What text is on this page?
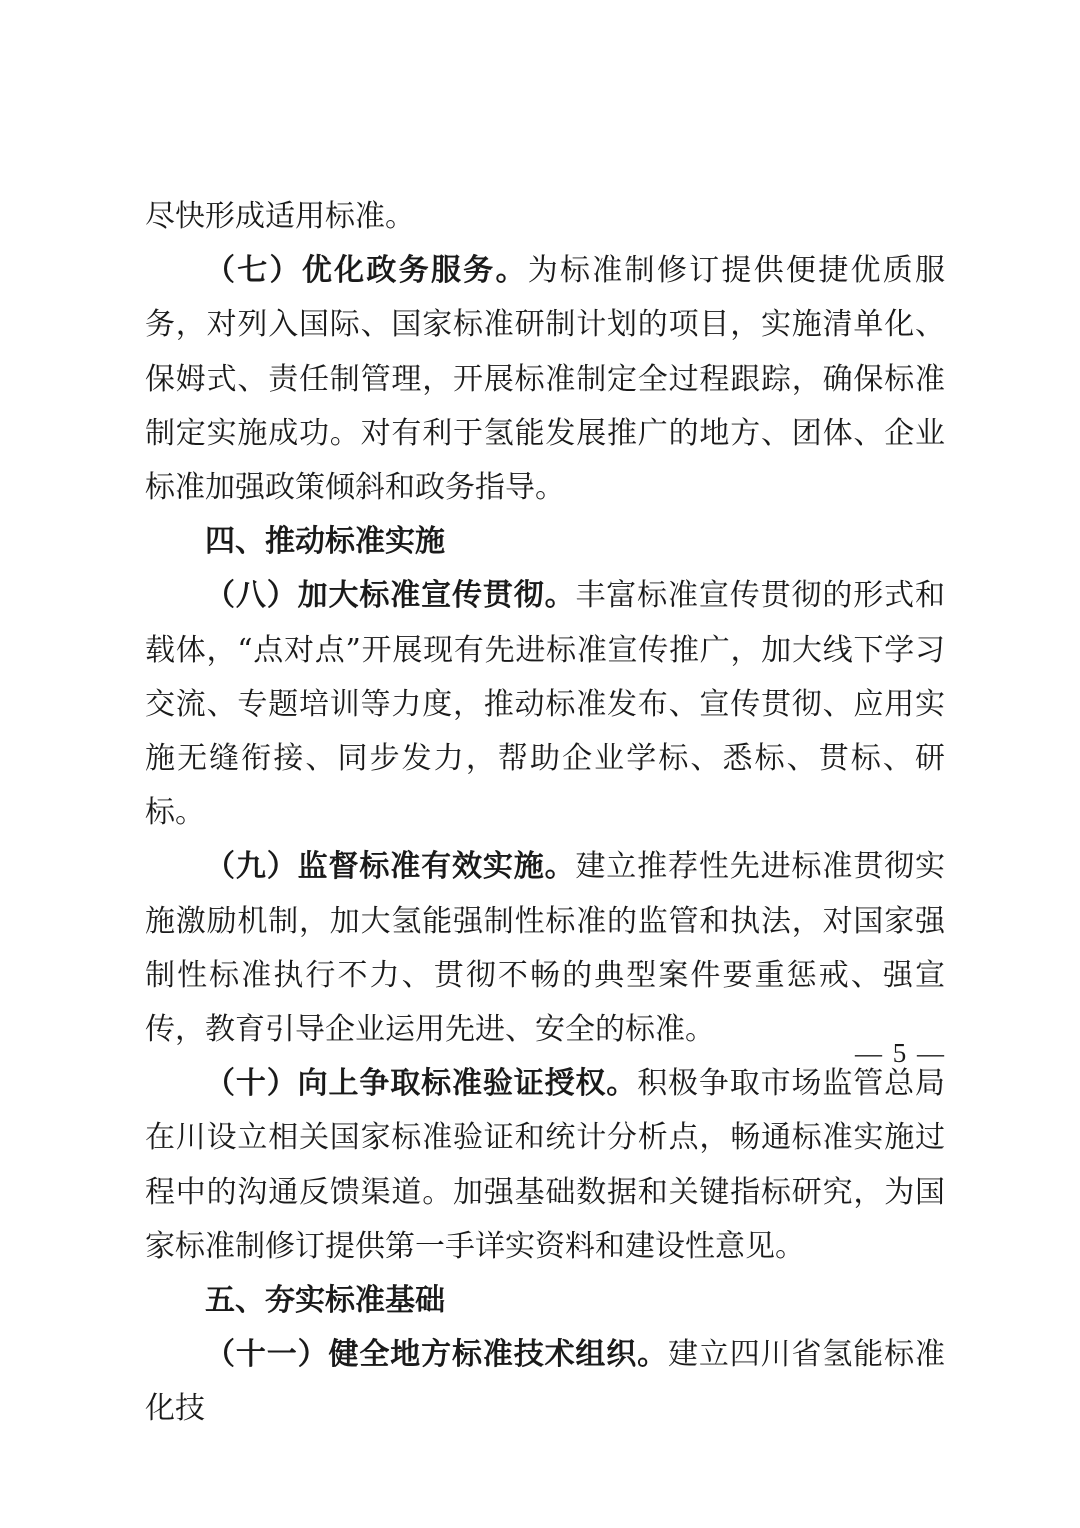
尽快形成适用标准。

（七）优化政务服务。为标准制修订提供便捷优质服务，对列入国际、国家标准研制计划的项目，实施清单化、保姆式、责任制管理，开展标准制定全过程跟踪，确保标准制定实施成功。对有利于氢能发展推广的地方、团体、企业标准加强政策倾斜和政务指导。

四、推动标准实施

（八）加大标准宣传贯彻。丰富标准宣传贯彻的形式和载体，“点对点”开展现有先进标准宣传推广，加大线下学习交流、专题培训等力度，推动标准发布、宣传贯彻、应用实施无缝衔接、同步发力，帮助企业学标、悉标、贯标、研标。

（九）监督标准有效实施。建立推荐性先进标准贯彻实施激励机制，加大氢能强制性标准的监管和执法，对国家强制性标准执行不力、贯彻不畅的典型案件要重惩戒、强宣传，教育引导企业运用先进、安全的标准。

（十）向上争取标准验证授权。积极争取市场监管总局在川设立相关国家标准验证和统计分析点，畅通标准实施过程中的沟通反馈渠道。加强基础数据和关键指标研究，为国家标准制修订提供第一手详实资料和建设性意见。

五、夯实标准基础

（十一）健全地方标准技术组织。建立四川省氢能标准化技

— 5 —
